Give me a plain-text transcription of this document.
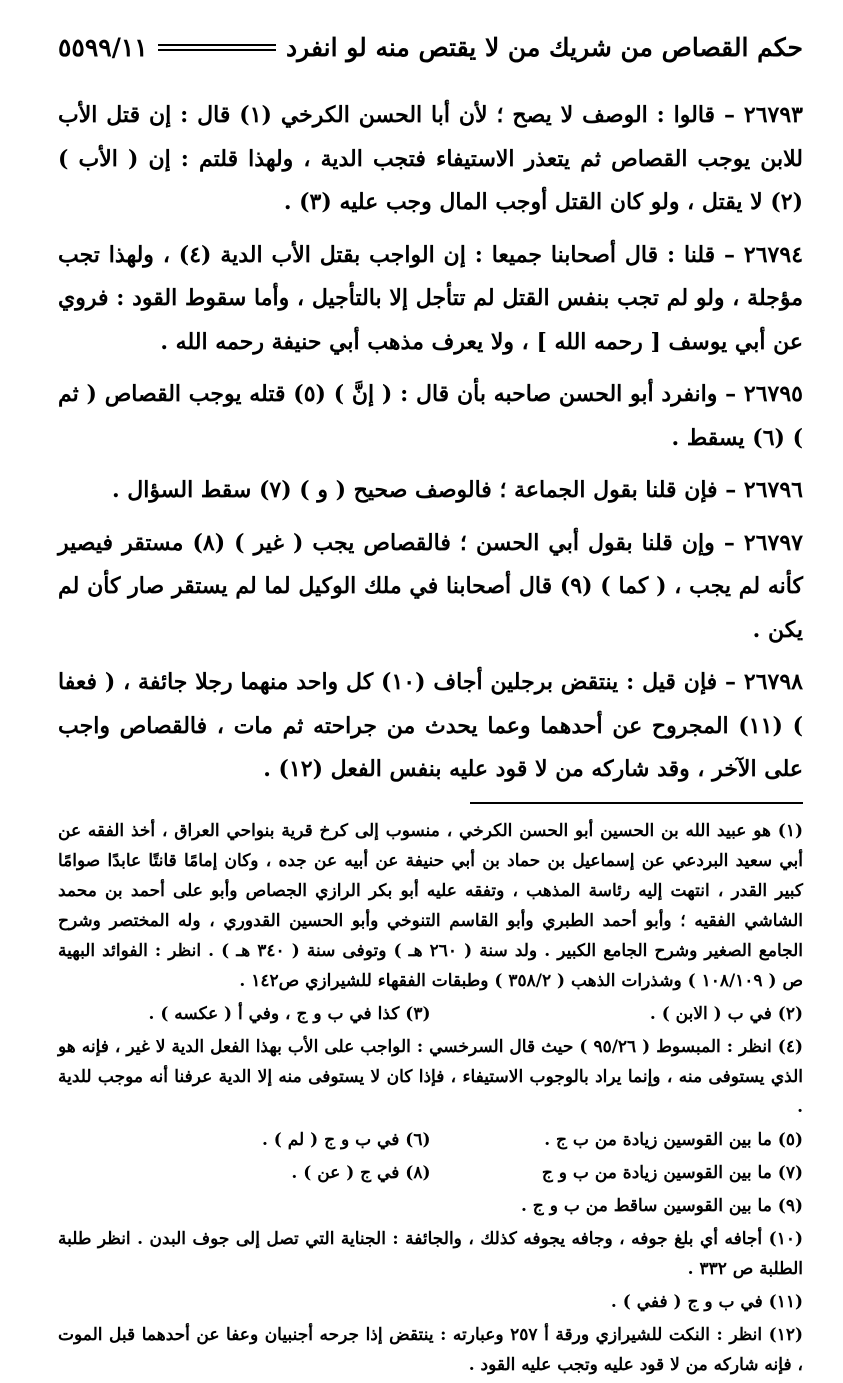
حكم القصاص من شريك من لا يقتص منه لو انفرد
٥٥٩٩/١١

٢٦٧٩٣ – قالوا : الوصف لا يصح ؛ لأن أبا الحسن الكرخي (١) قال : إن قتل الأب للابن يوجب القصاص ثم يتعذر الاستيفاء فتجب الدية ، ولهذا قلتم : إن ( الأب ) (٢) لا يقتل ، ولو كان القتل أوجب المال وجب عليه (٣) .

٢٦٧٩٤ – قلنا : قال أصحابنا جميعا : إن الواجب بقتل الأب الدية (٤) ، ولهذا تجب مؤجلة ، ولو لم تجب بنفس القتل لم تتأجل إلا بالتأجيل ، وأما سقوط القود : فروي عن أبي يوسف [ رحمه الله ] ، ولا يعرف مذهب أبي حنيفة رحمه الله .

٢٦٧٩٥ – وانفرد أبو الحسن صاحبه بأن قال : ( إنَّ ) (٥) قتله يوجب القصاص ( ثم ) (٦) يسقط .

٢٦٧٩٦ – فإن قلنا بقول الجماعة ؛ فالوصف صحيح ( و ) (٧) سقط السؤال .

٢٦٧٩٧ – وإن قلنا بقول أبي الحسن ؛ فالقصاص يجب ( غير ) (٨) مستقر فيصير كأنه لم يجب ، ( كما ) (٩) قال أصحابنا في ملك الوكيل لما لم يستقر صار كأن لم يكن .

٢٦٧٩٨ – فإن قيل : ينتقض برجلين أجاف (١٠) كل واحد منهما رجلا جائفة ، ( فعفا ) (١١) المجروح عن أحدهما وعما يحدث من جراحته ثم مات ، فالقصاص واجب على الآخر ، وقد شاركه من لا قود عليه بنفس الفعل (١٢) .

(١) هو عبيد الله بن الحسين أبو الحسن الكرخي ، منسوب إلى كرخ قرية بنواحي العراق ، أخذ الفقه عن أبي سعيد البردعي عن إسماعيل بن حماد بن أبي حنيفة عن أبيه عن جده ، وكان إمامًا قانتًا عابدًا صوامًا كبير القدر ، انتهت إليه رئاسة المذهب ، وتفقه عليه أبو بكر الرازي الجصاص وأبو على أحمد بن محمد الشاشي الفقيه ؛ وأبو أحمد الطبري وأبو القاسم التنوخي وأبو الحسين القدوري ، وله المختصر وشرح الجامع الصغير وشرح الجامع الكبير . ولد سنة ( ٢٦٠ هـ ) وتوفى سنة ( ٣٤٠ هـ ) . انظر : الفوائد البهية ص ( ١٠٨/١٠٩ ) وشذرات الذهب ( ٣٥٨/٢ ) وطبقات الفقهاء للشيرازي ص١٤٢ .

(٢) في ب ( الابن ) .
(٣) كذا في ب و ج ، وفي أ ( عكسه ) .

(٤) انظر : المبسوط ( ٩٥/٢٦ ) حيث قال السرخسي : الواجب على الأب بهذا الفعل الدية لا غير ، فإنه هو الذي يستوفى منه ، وإنما يراد بالوجوب الاستيفاء ، فإذا كان لا يستوفى منه إلا الدية عرفنا أنه موجب للدية .

(٥) ما بين القوسين زيادة من ب ج .
(٦) في ب و ج ( لم ) .
(٧) ما بين القوسين زيادة من ب و ج
(٨) في ج ( عن ) .

(٩) ما بين القوسين ساقط من ب و ج .

(١٠) أجافه أي بلغ جوفه ، وجافه يجوفه كذلك ، والجائفة : الجناية التي تصل إلى جوف البدن . انظر طلبة الطلبة ص ٣٣٢ .

(١١) في ب و ج ( ففي ) .

(١٢) انظر : النكت للشيرازي ورقة أ ٢٥٧ وعبارته : ينتقض إذا جرحه أجنبيان وعفا عن أحدهما قبل الموت ، فإنه شاركه من لا قود عليه وتجب عليه القود .
